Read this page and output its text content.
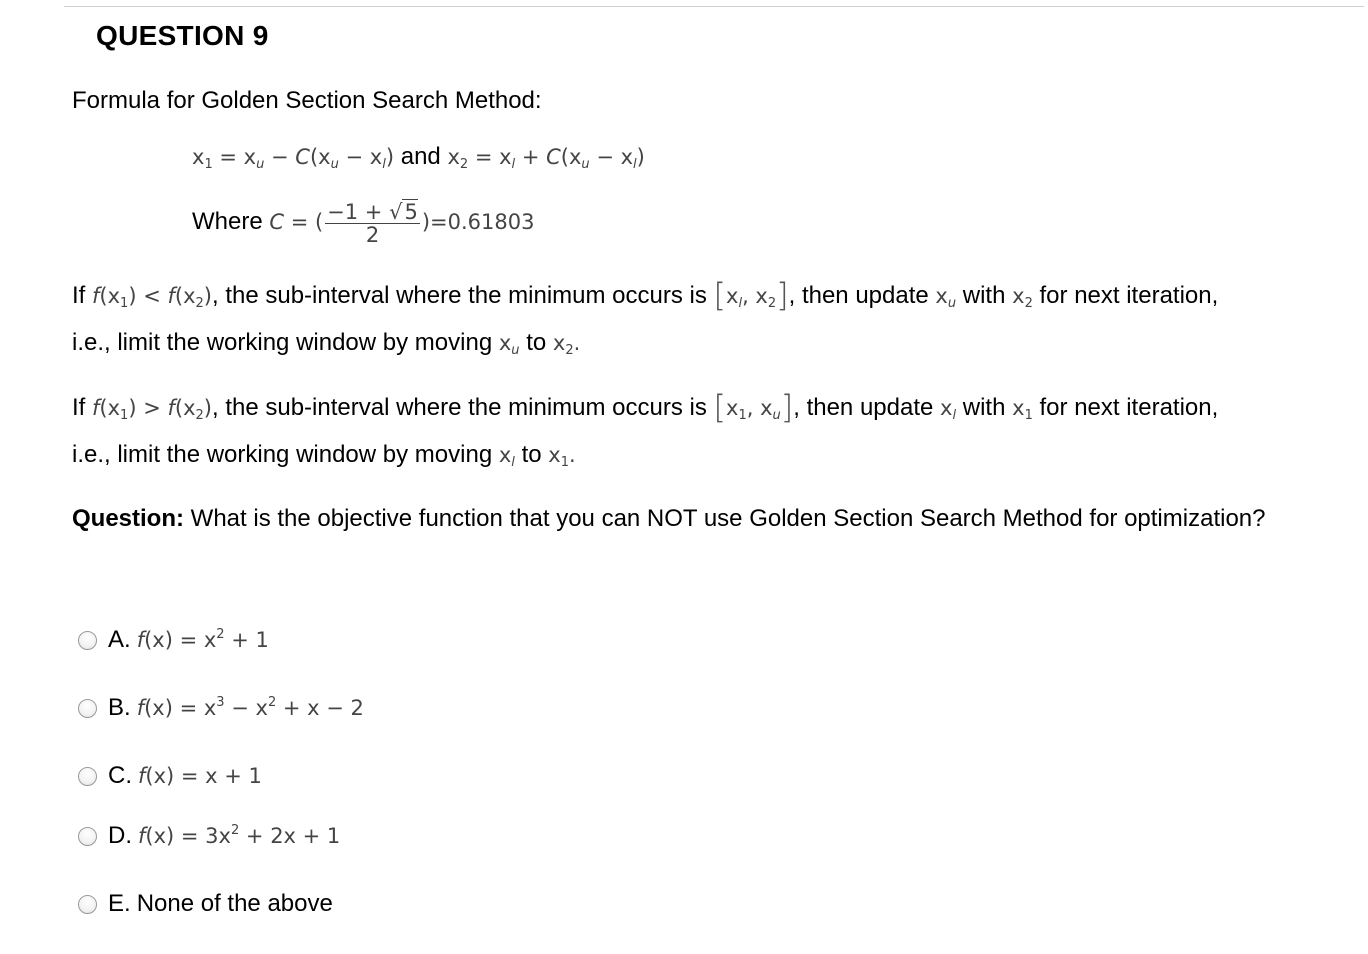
QUESTION 9
Formula for Golden Section Search Method:
$x_1 = x_u - C(x_u - x_l)$ and $x_2 = x_l + C(x_u - x_l)$
Where C = ( $\frac{-1 + √5}{2} )=0.61803$
If $f(x_1) < f(x_2)$, the sub-interval where the minimum occurs is [$x_l$, $x_2$], then update $x_u$ with $x_2$ for next iteration,
i.e., limit the working window by moving $x_u$ to $x_2$.
If $f(x_1) > f(x_2)$, the sub-interval where the minimum occurs is [$x_1$, $x_u$], then update $x_l$ with $x_1$ for next iteration,
i.e., limit the working window by moving $x_l$ to $x_1$.
Question: What is the objective function that you can NOT use Golden Section Search Method for optimization?
A. $f(x) = x^2 + 1$
B. $f(x) = x^3 - x^2 + x - 2$
C. f(x) = x + 1
D. $f(x) = 3x^2 + 2x + 1$
E. None of the above
